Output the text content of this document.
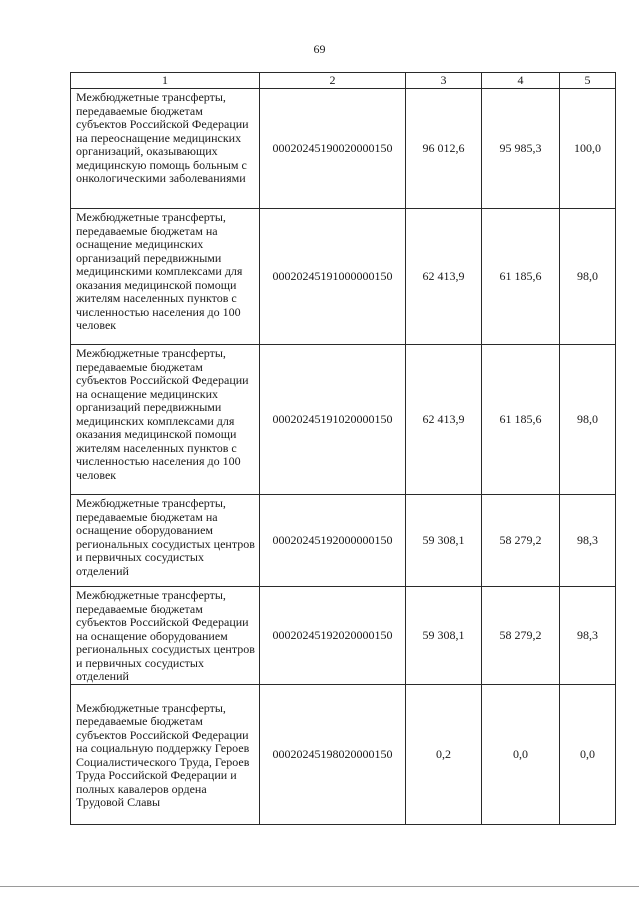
69
1	2	3	4	5
Межбюджетные трансферты, передаваемые бюджетам субъектов Российской Федерации на переоснащение медицинских организаций, оказывающих медицинскую помощь больным с онкологическими заболеваниями	00020245190020000150	96 012,6	95 985,3	100,0
Межбюджетные трансферты, передаваемые бюджетам на оснащение медицинских организаций передвижными медицинскими комплексами для оказания медицинской помощи жителям населенных пунктов с численностью населения до 100 человек	00020245191000000150	62 413,9	61 185,6	98,0
Межбюджетные трансферты, передаваемые бюджетам субъектов Российской Федерации на оснащение медицинских организаций передвижными медицинских комплексами для оказания медицинской помощи жителям населенных пунктов с численностью населения до 100 человек	00020245191020000150	62 413,9	61 185,6	98,0
Межбюджетные трансферты, передаваемые бюджетам на оснащение оборудованием региональных сосудистых центров и первичных сосудистых отделений	00020245192000000150	59 308,1	58 279,2	98,3
Межбюджетные трансферты, передаваемые бюджетам субъектов Российской Федерации на оснащение оборудованием региональных сосудистых центров и первичных сосудистых отделений	00020245192020000150	59 308,1	58 279,2	98,3
Межбюджетные трансферты, передаваемые бюджетам субъектов Российской Федерации на социальную поддержку Героев Социалистического Труда, Героев Труда Российской Федерации и полных кавалеров ордена Трудовой Славы	00020245198020000150	0,2	0,0	0,0
